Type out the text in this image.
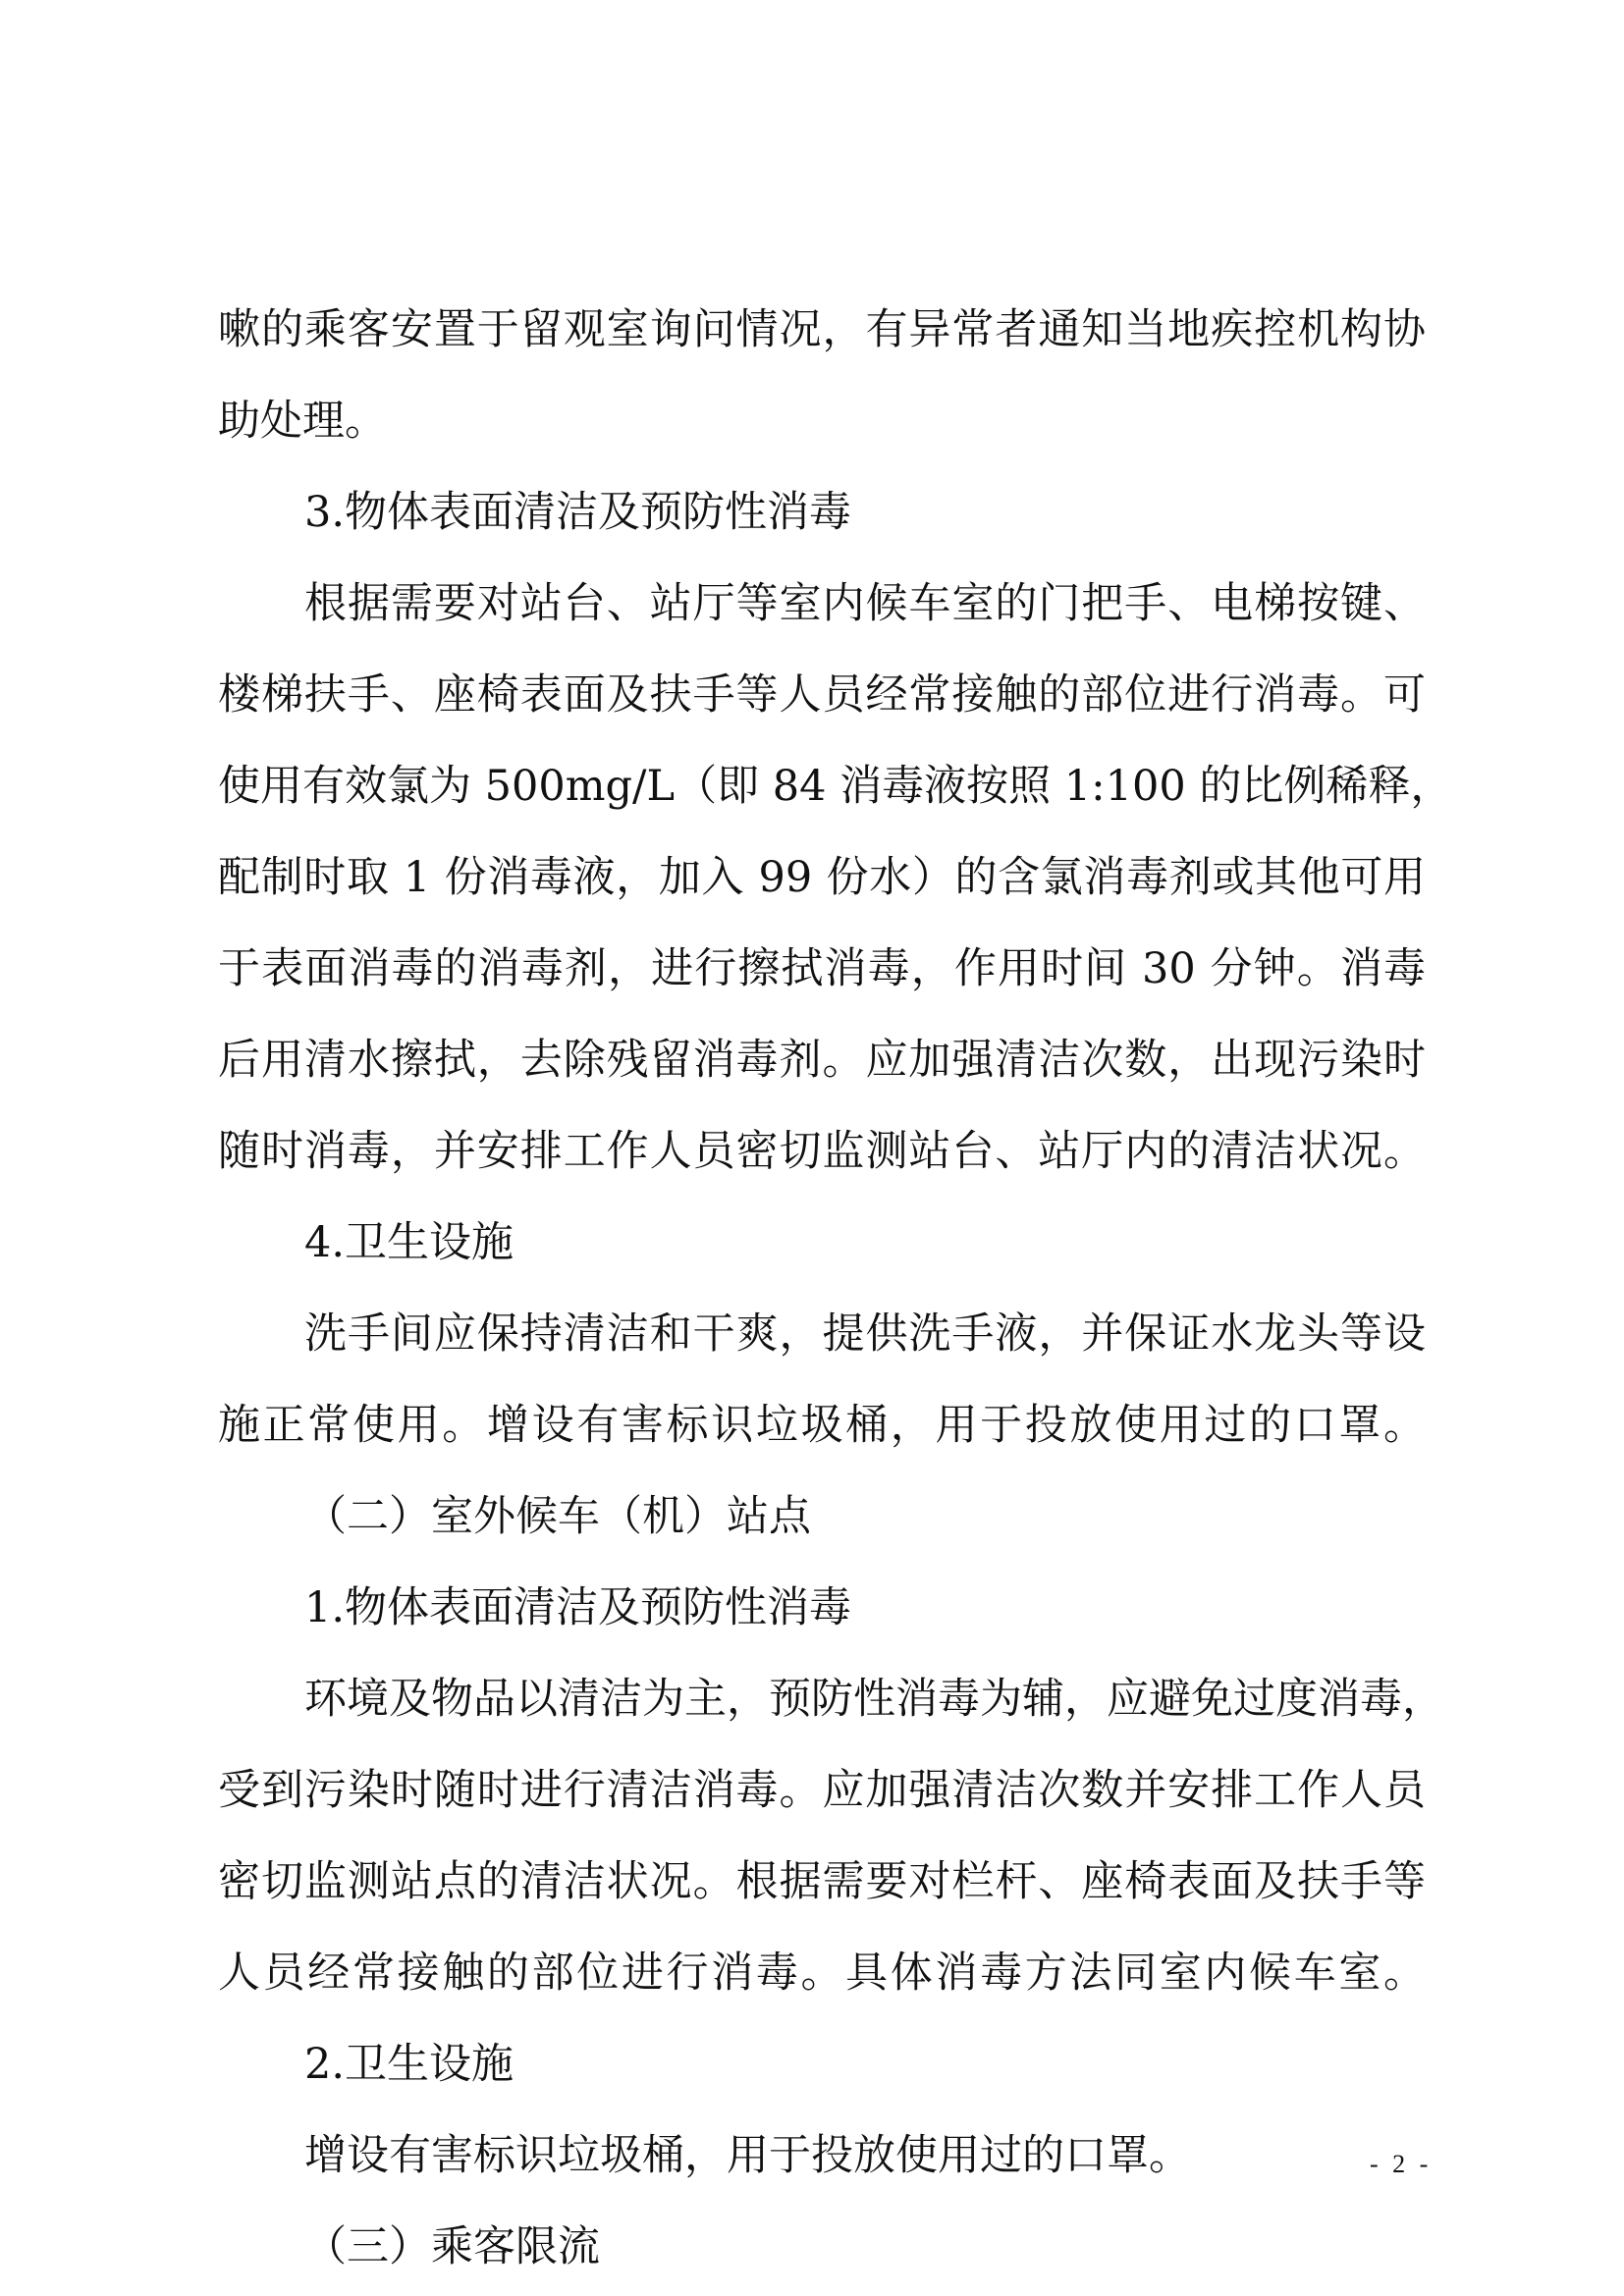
嗽的乘客安置于留观室询问情况，有异常者通知当地疾控机构协
助处理。
3.物体表面清洁及预防性消毒
根据需要对站台、站厅等室内候车室的门把手、电梯按键、
楼梯扶手、座椅表面及扶手等人员经常接触的部位进行消毒。可
使用有效氯为 500mg/L（即 84 消毒液按照 1:100 的比例稀释，
配制时取 1 份消毒液，加入 99 份水）的含氯消毒剂或其他可用
于表面消毒的消毒剂，进行擦拭消毒，作用时间 30 分钟。消毒
后用清水擦拭，去除残留消毒剂。应加强清洁次数，出现污染时
随时消毒，并安排工作人员密切监测站台、站厅内的清洁状况。
4.卫生设施
洗手间应保持清洁和干爽，提供洗手液，并保证水龙头等设
施正常使用。增设有害标识垃圾桶，用于投放使用过的口罩。
（二）室外候车（机）站点
1.物体表面清洁及预防性消毒
环境及物品以清洁为主，预防性消毒为辅，应避免过度消毒，
受到污染时随时进行清洁消毒。应加强清洁次数并安排工作人员
密切监测站点的清洁状况。根据需要对栏杆、座椅表面及扶手等
人员经常接触的部位进行消毒。具体消毒方法同室内候车室。
2.卫生设施
增设有害标识垃圾桶，用于投放使用过的口罩。
（三）乘客限流
- 2 -
